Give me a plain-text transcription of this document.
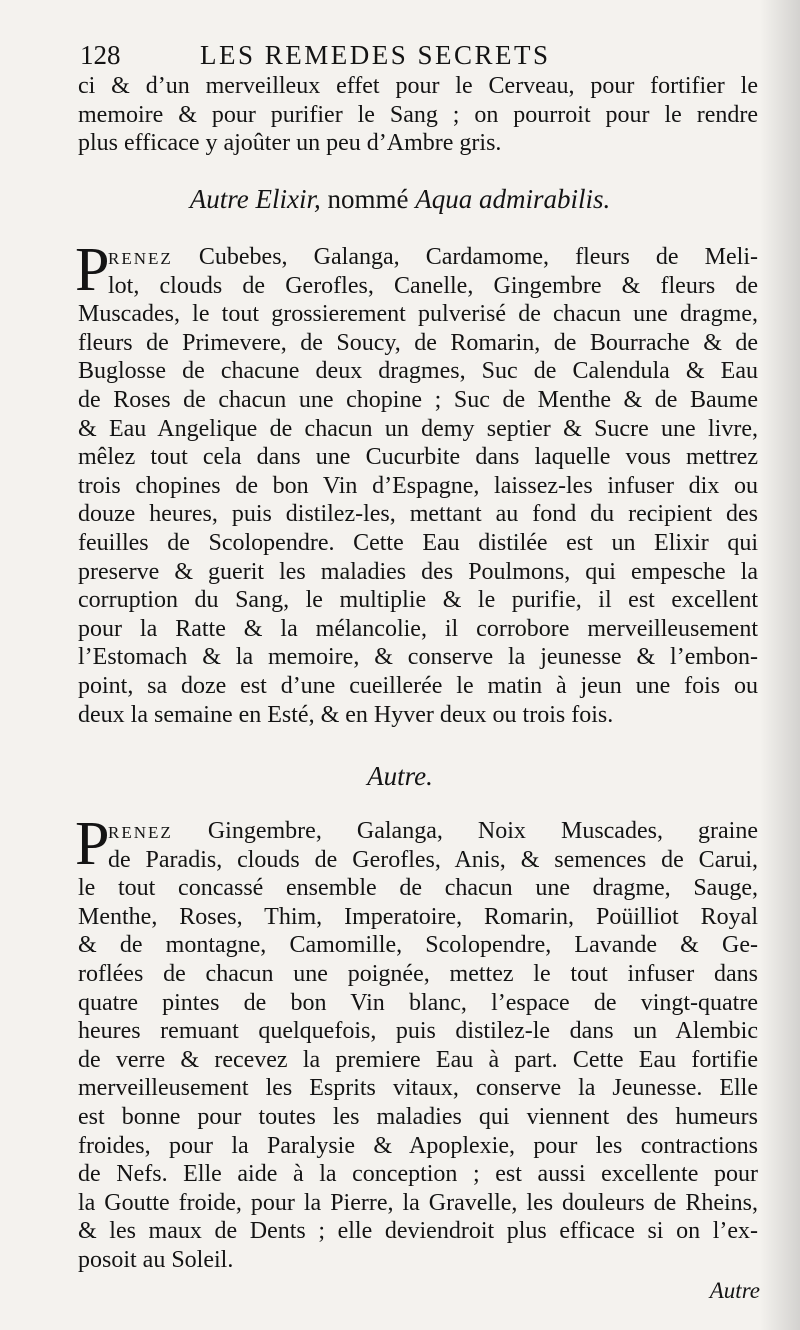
128	LES REMEDES SECRETS
ci & d’un merveilleux effet pour le Cerveau, pour fortifier le
memoire & pour purifier le Sang ; on pourroit pour le rendre
plus efficace y ajoûter un peu d’Ambre gris.
Autre Elixir, nommé Aqua admirabilis.
P
renez Cubebes, Galanga, Cardamome, fleurs de Meli-
lot, clouds de Gerofles, Canelle, Gingembre & fleurs de
Muscades, le tout grossierement pulverisé de chacun une dragme,
fleurs de Primevere, de Soucy, de Romarin, de Bourrache & de
Buglosse de chacune deux dragmes, Suc de Calendula & Eau
de Roses de chacun une chopine ; Suc de Menthe & de Baume
& Eau Angelique de chacun un demy septier & Sucre une livre,
mêlez tout cela dans une Cucurbite dans laquelle vous mettrez
trois chopines de bon Vin d’Espagne, laissez-les infuser dix ou
douze heures, puis distilez-les, mettant au fond du recipient des
feuilles de Scolopendre. Cette Eau distilée est un Elixir qui
preserve & guerit les maladies des Poulmons, qui empesche la
corruption du Sang, le multiplie & le purifie, il est excellent
pour la Ratte & la mélancolie, il corrobore merveilleusement
l’Estomach & la memoire, & conserve la jeunesse & l’embon-
point, sa doze est d’une cueillerée le matin à jeun une fois ou
deux la semaine en Esté, & en Hyver deux ou trois fois.
Autre.
P
renez Gingembre, Galanga, Noix Muscades, graine
de Paradis, clouds de Gerofles, Anis, & semences de Carui,
le tout concassé ensemble de chacun une dragme, Sauge,
Menthe, Roses, Thim, Imperatoire, Romarin, Poüilliot Royal
& de montagne, Camomille, Scolopendre, Lavande & Ge-
roflées de chacun une poignée, mettez le tout infuser dans
quatre pintes de bon Vin blanc, l’espace de vingt-quatre
heures remuant quelquefois, puis distilez-le dans un Alembic
de verre & recevez la premiere Eau à part. Cette Eau fortifie
merveilleusement les Esprits vitaux, conserve la Jeunesse. Elle
est bonne pour toutes les maladies qui viennent des humeurs
froides, pour la Paralysie & Apoplexie, pour les contractions
de Nefs. Elle aide à la conception ; est aussi excellente pour
la Goutte froide, pour la Pierre, la Gravelle, les douleurs de Rheins,
& les maux de Dents ; elle deviendroit plus efficace si on l’ex-
posoit au Soleil.
Autre
